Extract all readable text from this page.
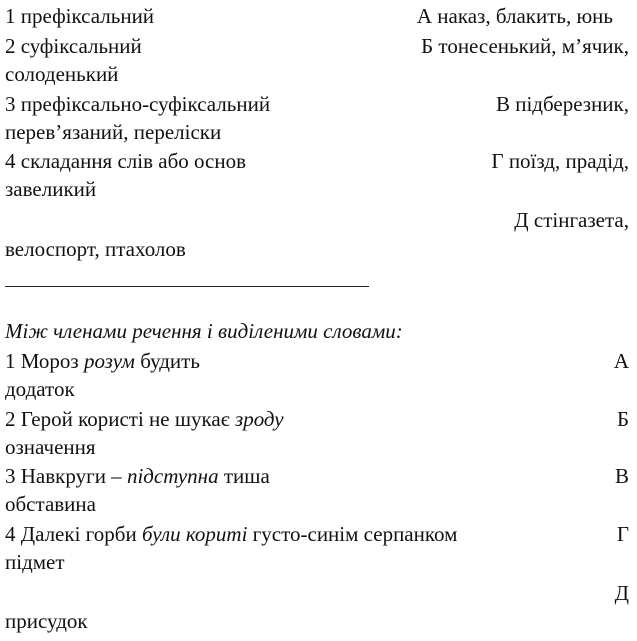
1 префіксальний	А наказ, блакить, юнь
2 суфіксальний	Б тонесенький, м’ячик,
солоденький
3 префіксально-суфіксальний	В підберезник,
перев’язаний, переліски
4 складання слів або основ	Г поїзд, прадід,
завеликий
Д стінгазета,
велоспорт, птахолов
Між членами речення і виділеними словами:
1 Мороз розум будить	А
додаток
2 Герой користі не шукає зроду	Б
означення
3 Навкруги – підступна тиша	В
обставина
4 Далекі горби були кориті густо-синім серпанком	Г
підмет
Д
присудок
